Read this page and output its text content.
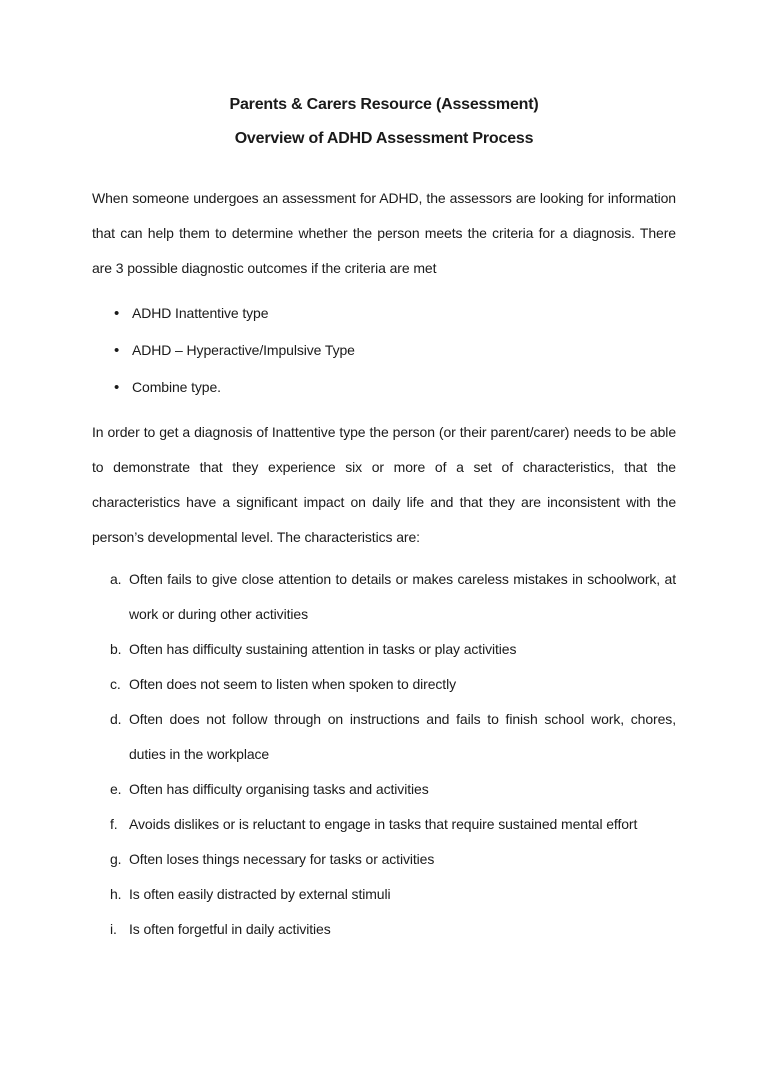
Parents & Carers Resource (Assessment)
Overview of ADHD Assessment Process

When someone undergoes an assessment for ADHD, the assessors are looking for information that can help them to determine whether the person meets the criteria for a diagnosis. There are 3 possible diagnostic outcomes if the criteria are met

•
ADHD Inattentive type
•
ADHD – Hyperactive/Impulsive Type
•
Combine type.

In order to get a diagnosis of Inattentive type the person (or their parent/carer) needs to be able to demonstrate that they experience six or more of a set of characteristics, that the characteristics have a significant impact on daily life and that they are inconsistent with the person’s developmental level. The characteristics are:

a. Often fails to give close attention to details or makes careless mistakes in schoolwork, at work or during other activities
b. Often has difficulty sustaining attention in tasks or play activities
c. Often does not seem to listen when spoken to directly
d. Often does not follow through on instructions and fails to finish school work, chores, duties in the workplace
e. Often has difficulty organising tasks and activities
f. Avoids dislikes or is reluctant to engage in tasks that require sustained mental effort
g. Often loses things necessary for tasks or activities
h. Is often easily distracted by external stimuli
i. Is often forgetful in daily activities
